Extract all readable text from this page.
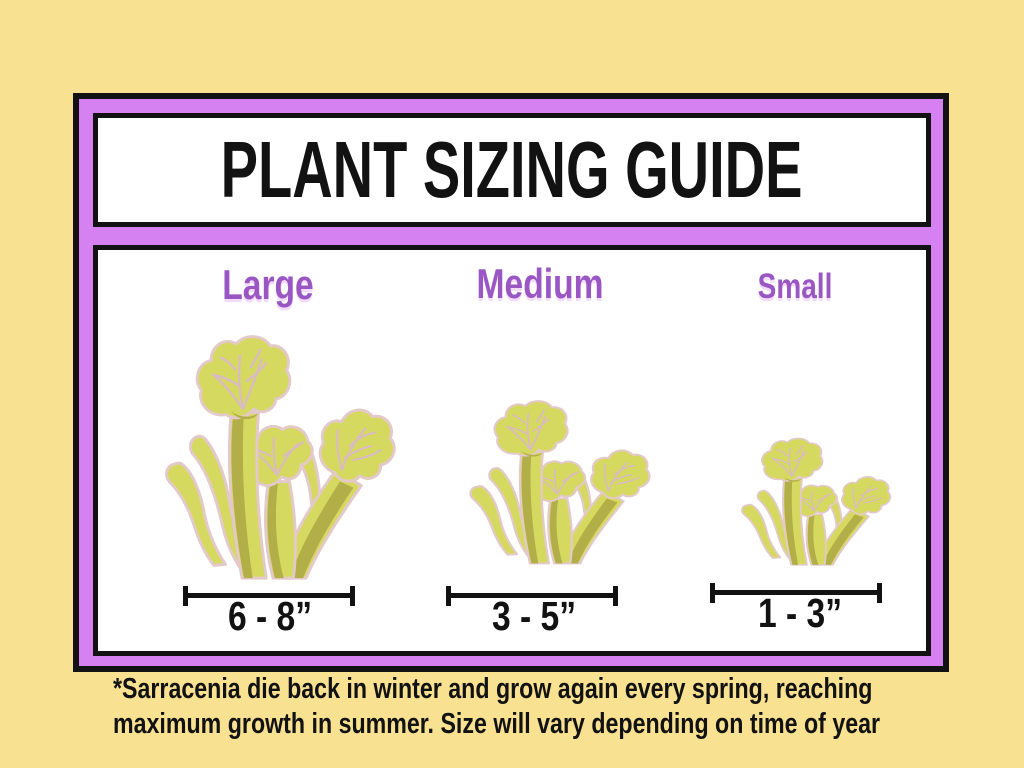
PLANT SIZING GUIDE
Large	Medium	Small
6 - 8”	3 - 5”	1 - 3”
*Sarracenia die back in winter and grow again every spring, reaching
maximum growth in summer. Size will vary depending on time of year
